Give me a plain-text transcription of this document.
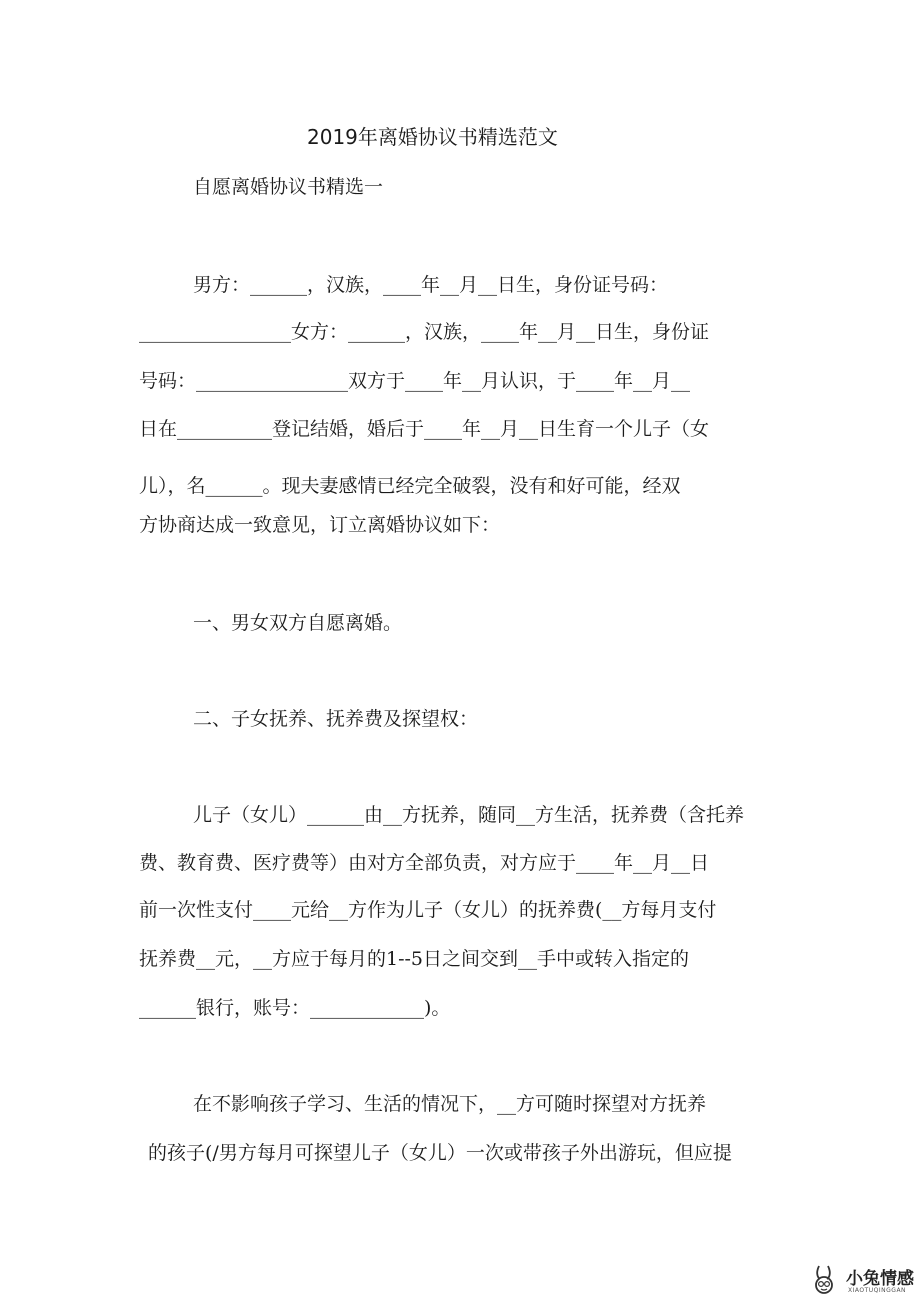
2019年离婚协议书精选范文
自愿离婚协议书精选一
男方：______，汉族，____年__月__日生，身份证号码：
________________女方：______，汉族，____年__月__日生，身份证
号码：________________双方于____年__月认识，于____年__月__
日在__________登记结婚，婚后于____年__月__日生育一个儿子（女
儿），名______。现夫妻感情已经完全破裂，没有和好可能，经双
方协商达成一致意见，订立离婚协议如下：
一、男女双方自愿离婚。
二、子女抚养、抚养费及探望权：
儿子（女儿）______由__方抚养，随同__方生活，抚养费（含托养
费、教育费、医疗费等）由对方全部负责，对方应于____年__月__日
前一次性支付____元给__方作为儿子（女儿）的抚养费(__方每月支付
抚养费__元，__方应于每月的1--5日之间交到__手中或转入指定的
______银行，账号：____________)。
在不影响孩子学习、生活的情况下，__方可随时探望对方抚养
的孩子(/男方每月可探望儿子（女儿）一次或带孩子外出游玩，但应提
小兔情感
XIAOTUQINGGAN
